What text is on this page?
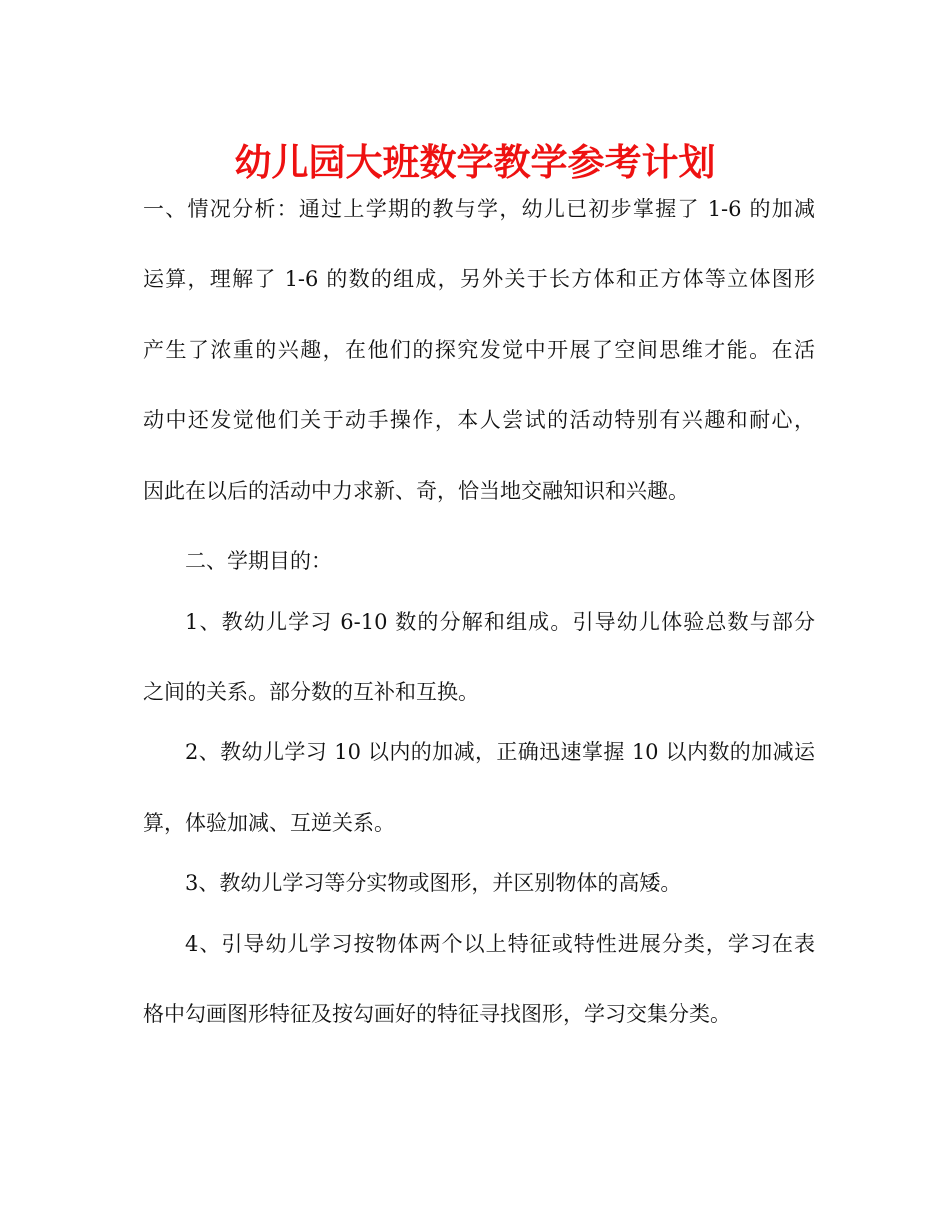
幼儿园大班数学教学参考计划
一、情况分析：通过上学期的教与学，幼儿已初步掌握了 1-6 的加减
运算，理解了 1-6 的数的组成，另外关于长方体和正方体等立体图形
产生了浓重的兴趣，在他们的探究发觉中开展了空间思维才能。在活
动中还发觉他们关于动手操作，本人尝试的活动特别有兴趣和耐心，
因此在以后的活动中力求新、奇，恰当地交融知识和兴趣。
二、学期目的：
1、教幼儿学习 6-10 数的分解和组成。引导幼儿体验总数与部分
之间的关系。部分数的互补和互换。
2、教幼儿学习 10 以内的加减，正确迅速掌握 10 以内数的加减运
算，体验加减、互逆关系。
3、教幼儿学习等分实物或图形，并区别物体的高矮。
4、引导幼儿学习按物体两个以上特征或特性进展分类，学习在表
格中勾画图形特征及按勾画好的特征寻找图形，学习交集分类。
